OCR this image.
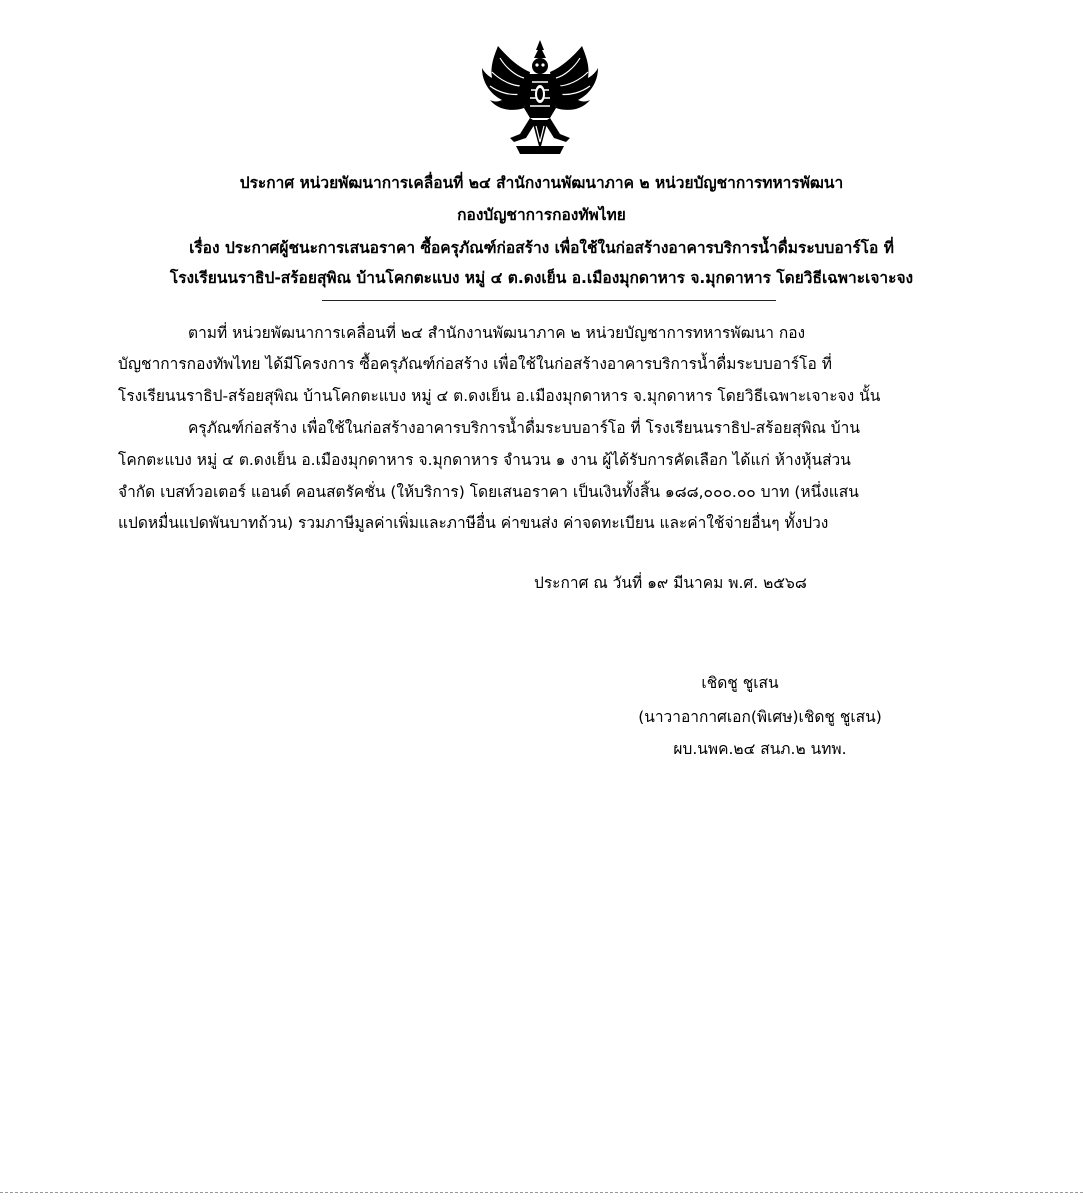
ประกาศ หน่วยพัฒนาการเคลื่อนที่ ๒๔ สำนักงานพัฒนาภาค ๒ หน่วยบัญชาการทหารพัฒนา
กองบัญชาการกองทัพไทย
เรื่อง ประกาศผู้ชนะการเสนอราคา ซื้อครุภัณฑ์ก่อสร้าง เพื่อใช้ในก่อสร้างอาคารบริการน้ำดื่มระบบอาร์โอ ที่
โรงเรียนนราธิป-สร้อยสุพิณ บ้านโคกตะแบง หมู่ ๔ ต.ดงเย็น อ.เมืองมุกดาหาร จ.มุกดาหาร โดยวิธีเฉพาะเจาะจง
ตามที่ หน่วยพัฒนาการเคลื่อนที่ ๒๔ สำนักงานพัฒนาภาค ๒ หน่วยบัญชาการทหารพัฒนา กอง
บัญชาการกองทัพไทย ได้มีโครงการ ซื้อครุภัณฑ์ก่อสร้าง เพื่อใช้ในก่อสร้างอาคารบริการน้ำดื่มระบบอาร์โอ ที่
โรงเรียนนราธิป-สร้อยสุพิณ บ้านโคกตะแบง หมู่ ๔ ต.ดงเย็น อ.เมืองมุกดาหาร จ.มุกดาหาร โดยวิธีเฉพาะเจาะจง นั้น
ครุภัณฑ์ก่อสร้าง เพื่อใช้ในก่อสร้างอาคารบริการน้ำดื่มระบบอาร์โอ ที่ โรงเรียนนราธิป-สร้อยสุพิณ บ้าน
โคกตะแบง หมู่ ๔ ต.ดงเย็น อ.เมืองมุกดาหาร จ.มุกดาหาร จำนวน ๑ งาน ผู้ได้รับการคัดเลือก ได้แก่ ห้างหุ้นส่วน
จำกัด เบสท์วอเตอร์ แอนด์ คอนสตรัคชั่น (ให้บริการ) โดยเสนอราคา เป็นเงินทั้งสิ้น ๑๘๘,๐๐๐.๐๐ บาท (หนึ่งแสน
แปดหมื่นแปดพันบาทถ้วน) รวมภาษีมูลค่าเพิ่มและภาษีอื่น ค่าขนส่ง ค่าจดทะเบียน และค่าใช้จ่ายอื่นๆ ทั้งปวง
ประกาศ ณ วันที่ ๑๙ มีนาคม พ.ศ. ๒๕๖๘
เชิดชู ชูเสน
(นาวาอากาศเอก(พิเศษ)เชิดชู ชูเสน)
ผบ.นพค.๒๔ สนภ.๒ นทพ.
